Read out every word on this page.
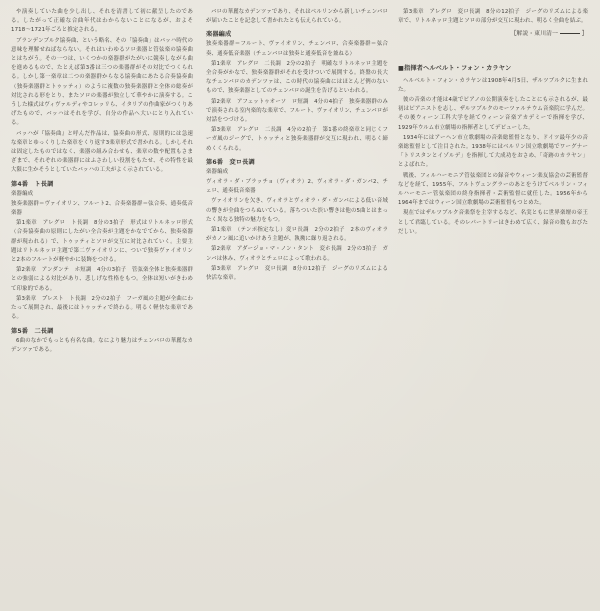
や演奏していた曲を少し出し、それを清書して初に献呈したのである。したがって正確な合曲年代はわからないことになるが、およそ1718〜1721年ごろと推定される。

ブランデンブルク協奏曲、という略名、その「協奏曲」はバッハ時代の意味を理解せねばならない。それはいわゆるソロ楽器と管弦楽の協奏曲とはちがう。その一つは、いくつかの楽器群がたがいに競奏しながら曲を進めるもので、たとえば第3番は三つの楽器群がその対比でつくられる。しかし第一楽章は二つの楽器群からなる協奏曲にあたる合奏協奏曲（独奏楽器群とトゥッティ）のように複数の独奏楽器群と全体の総奏が対比される形をとり、またソロの楽器が独立して華やかに演奏する。こうした様式はヴィヴァルディやコレッリら、イタリアの作曲家がつくりあげたもので、バッハはそれを学び、自分の作品へ大いにとり入れている。

バッハが『協奏曲』と呼んだ作品は、協奏曲の形式、原則的には急速な楽章とゆっくりした楽章をくり返す3楽章形式で書かれる。しかしそれは固定したものではなく、楽器の組み合わせも、楽章の数や配置もさまざまで、それぞれの楽器群にはふさわしい役割をもたせ、その特性を最大限に生かそうとしていたバッハの工夫がよく示されている。

第4番　ト長調

楽器編成

独奏楽器群＝ヴァイオリン、フルート2、合奏楽器群＝弦合奏、通奏低音楽器

第1楽章　アレグロ　ト長調　8分の3拍子　形式はリトルネッロ形式（合奏協奏曲の原則にしたがい全合奏が主題をかなでてから、独奏楽器群が現われる）で、トゥッティとソロが交互に対比されていく。主要主題はリトルネッロ主題で第二ヴァイオリンに、ついで独奏ヴァイオリンと2本のフルートが軽やかに装飾をつける。

第2楽章　アンダンテ　ホ短調　4分の3拍子　管弦楽全体と独奏楽器群との強弱による対比があり、悲しげな性格をもつ。全体は短いがきわめて印象的である。

第3楽章　プレスト　ト長調　2分の2拍子　フーガ風の主題が全曲にわたって展開され、最後にはトゥッティで終わる。明るく軽快な楽章である。

第5番　二長調

6曲のなかでもっとも有名な曲。なにより魅力はチェンバロの華麗なカデンツァである。

バロの華麗なカデンツァであり、それはベルリンから新しいチェンバロが届いたことを記念して書かれたとも伝えられている。

楽器編成

独奏楽器群＝フルート、ヴァイオリン、チェンバロ、合奏楽器群＝弦合奏、通奏低音楽器（チェンバロは独奏と通奏低音を兼ねる）

第1楽章　アレグロ　二長調　2分の2拍子　明確なリトルネッロ主題を全合奏がかなで、独奏楽器群がそれを受けついで展開する。終盤の長大なチェンバロのカデンツァは、この時代の協奏曲にはほとんど例のないもので、独奏楽器としてのチェンバロの誕生を告げるといわれる。

第2楽章　アフェットゥオーソ　ロ短調　4分の4拍子　独奏楽器群のみで演奏される室内楽的な楽章で、フルート、ヴァイオリン、チェンバロが対話をつづける。

第3楽章　アレグロ　二長調　4分の2拍子　第1番の終楽章と同じくフーガ風のジーグで、トゥッティと独奏楽器群が交互に現われ、明るく締めくくられる。

第6番　変ロ長調

楽器編成

ヴィオラ・ダ・ブラッチョ（ヴィオラ）2、ヴィオラ・ダ・ガンバ2、チェロ、通奏低音楽器

ヴァイオリンを欠き、ヴィオラとヴィオラ・ダ・ガンバによる低い音域の響きが全曲をつらぬいている。落ちついた渋い響きは他の5曲とはまったく異なる独特の魅力をもつ。

第1楽章　（テンポ指定なし）変ロ長調　2分の2拍子　2本のヴィオラがカノン風に追いかけあう主題が、執拗に繰り返される。

第2楽章　アダージョ・マ・ノン・タント　変ホ長調　2分の3拍子　ガンバは休み、ヴィオラとチェロによって歌われる。

第3楽章　アレグロ　変ロ長調　8分の12拍子　ジーグのリズムによる快活な楽章。

第3楽章　アレグロ　変ロ長調　8分の12拍子　ジーグのリズムによる楽章で、リトルネッロ主題とソロの部分が交互に現われ、明るく全曲を結ぶ。

［解説・東川清一	］
■指揮者ヘルベルト・フォン・カラヤン

ヘルベルト・フォン・カラヤンは1908年4月5日、ザルツブルクに生まれた。

彼の音楽の才能は4歳でピアノの公開演奏をしたことにも示されるが、最初はピアニストを志し、ザルツブルクのモーツァルテウム音楽院に学んだ。その後ウィーン工科大学を経てウィーン音楽アカデミーで指揮を学び、1929年ウルム市立劇場の指揮者としてデビューした。

1934年にはアーヘン市立歌劇場の音楽総監督となり、ドイツ最年少の音楽総監督として注目された。1938年にはベルリン国立歌劇場でワーグナー「トリスタンとイゾルデ」を指揮して大成功をおさめ、「奇跡のカラヤン」とよばれた。

戦後、フィルハーモニア管弦楽団との録音やウィーン楽友協会の芸術監督などを経て、1955年、フルトヴェングラーのあとをうけてベルリン・フィルハーモニー管弦楽団の終身指揮者・芸術監督に就任した。1956年から1964年まではウィーン国立歌劇場の芸術監督もつとめた。

現在ではザルツブルク音楽祭を主宰するなど、名実ともに世界楽壇の帝王として君臨している。そのレパートリーはきわめて広く、録音の数もおびただしい。
